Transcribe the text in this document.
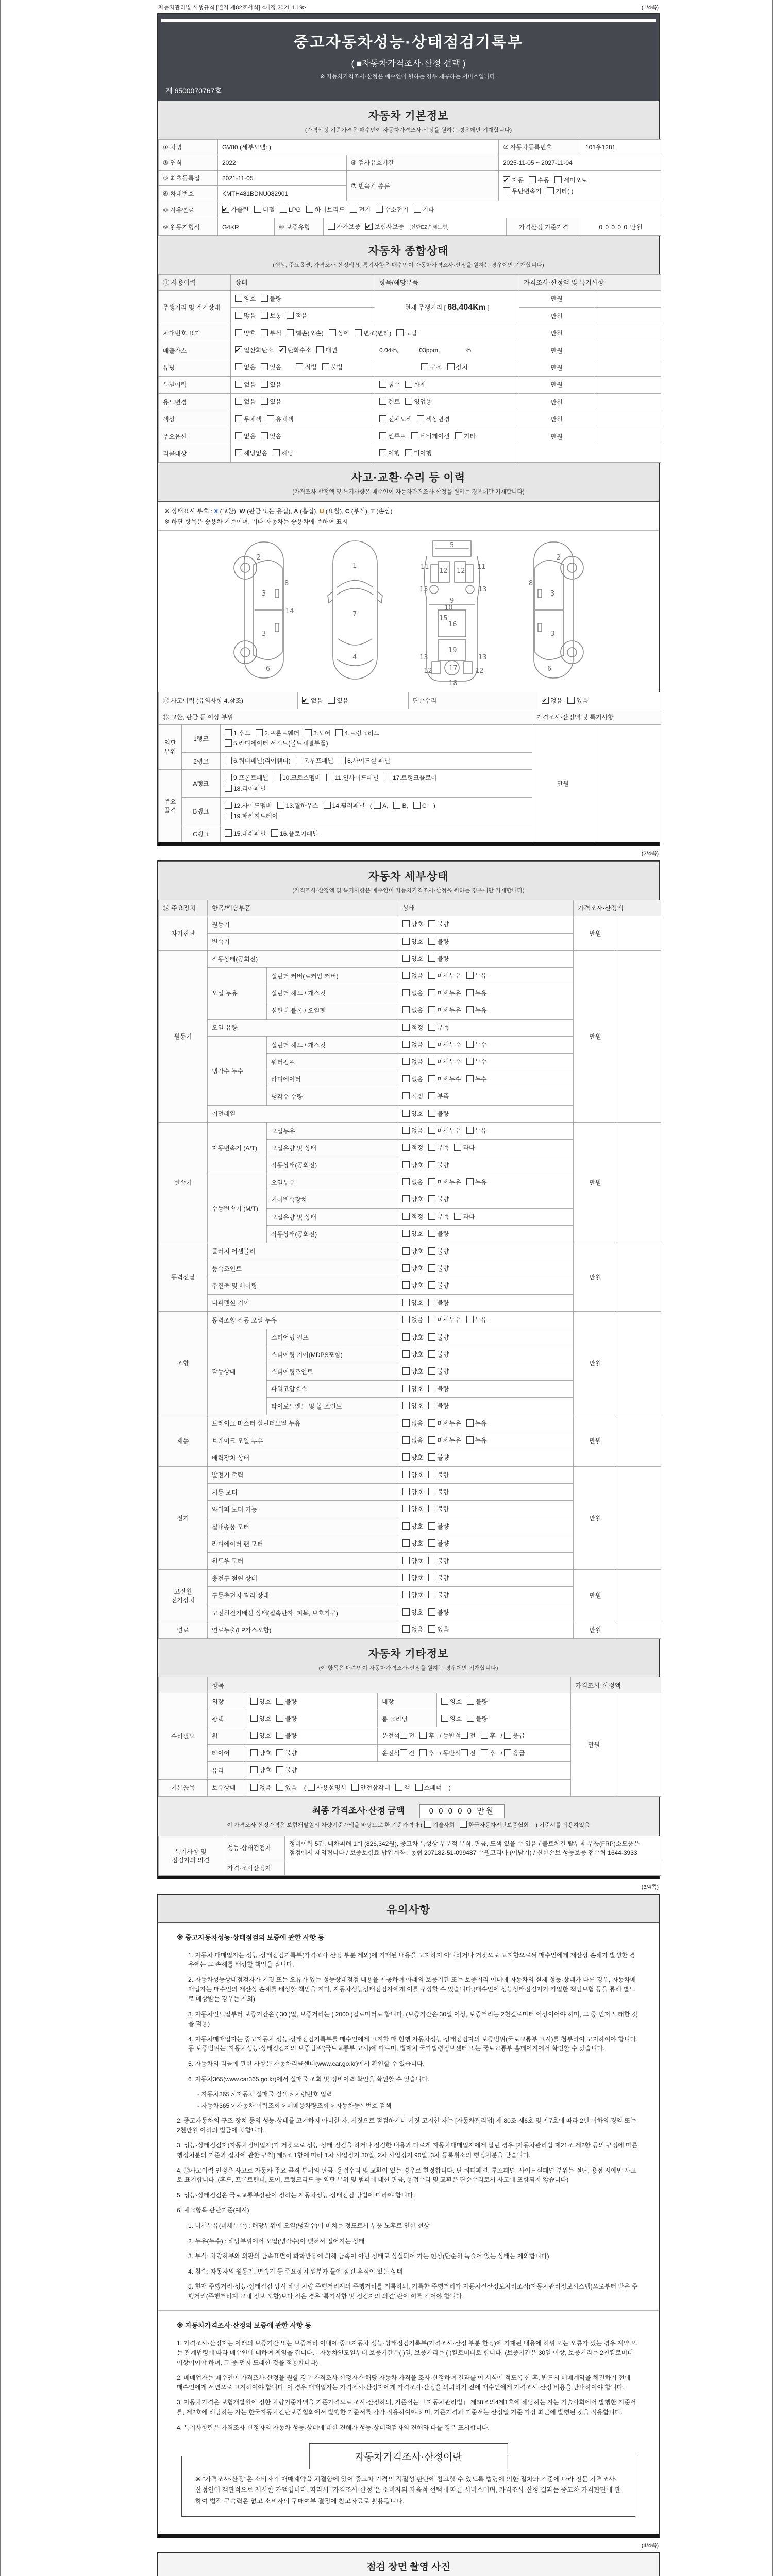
자동차관리법 시행규칙 [별지 제82호서식] <개정 2021.1.19>	(1/4쪽)
중고자동차성능·상태점검기록부
( ■자동차가격조사·산정 선택 )
※ 자동차가격조사·산정은 매수인이 원하는 경우 제공하는 서비스입니다.
제 6500070767호
자동차 기본정보
(가격산정 기준가격은 매수인이 자동차가격조사·산정을 원하는 경우에만 기재합니다)
① 차명	GV80 (세부모델: )	② 자동차등록번호	101우1281
③ 연식	2022	④ 검사유효기간	2025-11-05 ~ 2027-11-04
⑤ 최초등록일	2021-11-05	⑦ 변속기 종류	✔자동 수동 세미오토
무단변속기 기타( )
⑥ 차대번호	KMTH481BDNU082901		
⑧ 사용연료	✔가솔린 디젤 LPG 하이브리드 전기 수소전기 기타
⑨ 원동기형식	G4KR	⑩ 보증유형	자가보증 ✔ 보험사보증 [신한EZ손해보험]	가격산정 기준가격	0 0 0 0 0 만원
자동차 종합상태
(색상, 주요옵션, 가격조사·산정액 및 특기사항은 매수인이 자동차가격조사·산정을 원하는 경우에만 기재합니다)
⑪ 사용이력	상태	항목/해당부품	가격조사·산정액 및 특기사항	
주행거리 및 계기상태	양호 불량	현재 주행거리 [ 68,404Km ]	만원	
	많음 보통 적음		만원	
차대번호 표기	양호 부식 훼손(오손) 상이 변조(변타) 도말		만원	
배출가스	✔일산화탄소 ✔ 탄화수소 매연	0.04%, 03ppm, %	만원	
튜닝	없음 있음 적법 불법	구조 장치	만원	
특별이력	없음 있음	침수 화재	만원	
용도변경	없음 있음	렌트 영업용	만원	
색상	무채색 유채색	전체도색 색상변경	만원	
주요옵션	없음 있음	썬루프 네비게이션 기타	만원	
리콜대상	해당없음 해당	이행 미이행		
사고·교환·수리 등 이력
(가격조사·산정액 및 특기사항은 매수인이 자동차가격조사·산정을 원하는 경우에만 기재합니다)
※ 상태표시 부호 : X (교환), W (판금 또는 용접), A (흠집), U (요철), C (부식), T (손상)
※ 하단 항목은 승용차 기준이며, 기타 자동차는 승용차에 준하여 표시
2
8
3
14
3
6
1
7
4
5
11	11
13
12 12
13
9
10
15
16
19
13	13
12 17	12
18
2
8
3
3
6
⑫ 사고이력 (유의사항 4.참조)	✔없음 있음	단순수리	✔없음 있음
⑬ 교환, 판금 등 이상 부위	가격조사·산정액 및 특기사항
외판 부위	1랭크	1.후드 2.프론트휀더 3.도어 4.트렁크리드
5.라디에이터 서포트(볼트체결부품)	만원	
	2랭크	6.쿼터패널(리어휀더) 7.루프패널 8.사이드실 패널		
주요 골격	A랭크	9.프론트패널 10.크로스멤버 11.인사이드패널 17.트렁크플로어
18.리어패널		
	B랭크	12.사이드멤버 13.휠하우스 14.필러패널 ( A, B, C )
19.패키지트레이		
	C랭크	15.대쉬패널 16.플로어패널		
(2/4쪽)
자동차 세부상태
(가격조사·산정액 및 특기사항은 매수인이 자동차가격조사·산정을 원하는 경우에만 기재합니다)
⑭ 주요장치	항목/해당부품		상태	가격조사·산정액	
자기진단	원동기		양호 불량	만원	
	변속기		양호 불량		
원동기	작동상태(공회전)		양호 불량	만원	
	오일 누유	실린더 커버(로커암 커버)	없음 미세누유 누유		
		실린더 헤드 / 개스킷	없음 미세누유 누유		
		실린더 블록 / 오일팬	없음 미세누유 누유		
	오일 유량		적정 부족		
	냉각수 누수	실린더 헤드 / 개스킷	없음 미세누수 누수		
		워터펌프	없음 미세누수 누수		
		라디에이터	없음 미세누수 누수		
		냉각수 수량	적정 부족		
	커먼레일		양호 불량		
변속기	자동변속기 (A/T)	오일누유	없음 미세누유 누유	만원	
		오일유량 및 상태	적정 부족 과다		
		작동상태(공회전)	양호 불량		
	수동변속기 (M/T)	오일누유	없음 미세누유 누유		
		기어변속장치	양호 불량		
		오일유량 및 상태	적정 부족 과다		
		작동상태(공회전)	양호 불량		
동력전달	클러치 어셈블리		양호 불량	만원	
	등속조인트		양호 불량		
	추진축 및 베어링		양호 불량		
	디퍼렌셜 기어		양호 불량		
조향	동력조향 작동 오일 누유		없음 미세누유 누유	만원	
	작동상태	스티어링 펌프	양호 불량		
		스티어링 기어(MDPS포함)	양호 불량		
		스티어링조인트	양호 불량		
		파워고압호스	양호 불량		
		타이로드엔드 및 볼 조인트	양호 불량		
제동	브레이크 마스터 실린더오일 누유		없음 미세누유 누유	만원	
	브레이크 오일 누유		없음 미세누유 누유		
	배력장치 상태		양호 불량		
전기	발전기 출력		양호 불량	만원	
	시동 모터		양호 불량		
	와이퍼 모터 기능		양호 불량		
	실내송풍 모터		양호 불량		
	라디에이터 팬 모터		양호 불량		
	윈도우 모터		양호 불량		
고전원 전기장치	충전구 절연 상태		양호 불량	만원	
	구동축전지 격리 상태		양호 불량		
	고전원전기배선 상태(접속단자, 피복, 보호기구)		양호 불량		
연료	연료누출(LP가스포함)		없음 있음	만원	
자동차 기타정보
(이 항목은 매수인이 자동차가격조사·산정을 원하는 경우에만 기재합니다)
	항목				가격조사·산정액	
수리필요	외장	양호 불량	내장	양호 불량	만원	
	광택	양호 불량	룸 크리닝	양호 불량		
	휠	양호 불량	운전석 전 후 / 동반석 전 후 / 응급			
	타이어	양호 불량	운전석 전 후 / 동반석 전 후 / 응급			
	유리	양호 불량				
기본품목	보유상태	없음 있음 ( 사용설명서 안전삼각대 잭 스패너 )				
최종 가격조사·산정 금액	0 0 0 0 0 만원
이 가격조사·산정가격은 보험개발원의 차량기준가액을 바탕으로 한 기준가격과 ( 기술사회 한국자동차진단보증협회 ) 기준서를 적용하였음
특기사항 및 점검자의 의견	성능·상태점검자	정비이력 5건, 내차피해 1회 (826,342원), 중고차 특성상 부분적 부식, 판금, 도색 있을 수 있음 / 볼트체결 탈부착 부품(FRP)소모품은 점검에서 제외됩니다 / 보증보험료 납입계좌 : 농협 207182-51-099487 수원코리아 (이남기) / 신한손보 성능보증 접수처 1644-3933
	가격·조사산정자	
(3/4쪽)
유의사항
※ 중고자동차성능·상태점검의 보증에 관한 사항 등
1. 자동차 매매업자는 성능·상태점검기록부(가격조사·산정 부분 제외)에 기재된 내용을 고지하지 아니하거나 거짓으로 고지함으로써 매수인에게 재산상 손해가 발생한 경우에는 그 손해를 배상할 책임을 집니다.
2. 자동차성능상태점검자가 거짓 또는 오류가 있는 성능상태점검 내용을 제공하여 아래의 보증기간 또는 보증거리 이내에 자동차의 실제 성능·상태가 다른 경우, 자동차매매업자는 매수인의 재산상 손해를 배상할 책임을 지며, 자동차성능상태점검자에게 이를 구상할 수 있습니다.(매수인이 성능상태점검자가 가입한 책임보험 등을 통해 별도로 배상받는 경우는 제외)
3. 자동차인도일부터 보증기간은 ( 30 )일, 보증거리는 ( 2000 )킬로미터로 합니다. (보증기간은 30일 이상, 보증거리는 2천킬로미터 이상이어야 하며, 그 중 먼저 도래한 것을 적용)
4. 자동차매매업자는 중고자동차 성능·상태점검기록부를 매수인에게 고지할 때 현행 자동차성능·상태점검자의 보증범위(국토교통부 고시)를 첨부하여 고지하여야 합니다. 동 보증범위는 '자동차성능·상태점검자의 보증범위'(국토교통부 고시)에 따르며, 법제처 국가법령정보센터 또는 국토교통부 홈페이지에서 확인할 수 있습니다.
5. 자동차의 리콜에 관한 사항은 자동차리콜센터(www.car.go.kr)에서 확인할 수 있습니다.
6. 자동차365(www.car365.go.kr)에서 실매물 조회 및 정비이력 확인을 확인할 수 있습니다.
- 자동차365 > 자동차 실매물 검색 > 차량번호 입력
- 자동차365 > 자동차 이력조회 > 매매용차량조회 > 자동차등록번호 검색
2. 중고자동차의 구조·장치 등의 성능·상태를 고지하지 아니한 자, 거짓으로 점검하거나 거짓 고지한 자는 [자동차관리법] 제 80조 제6호 및 제7호에 따라 2년 이하의 징역 또는 2천만원 이하의 벌금에 처합니다.
3. 성능·상태점검자(자동차정비업자)가 거짓으로 성능·상태 점검을 하거나 점검한 내용과 다르게 자동차매매업자에게 알린 경우 [자동차관리법 제21조 제2항 등의 규정에 따른 행정처분의 기준과 절차에 관한 규칙] 제5조 1항에 따라 1차 사업정지 30일, 2차 사업정지 90일, 3차 등록취소의 행정처분을 받습니다.
4. ⑫사고이력 인정은 사고로 자동차 주요 골격 부위의 판금, 용접수리 및 교환이 있는 경우로 한정합니다. 단 쿼터패널, 루프패널, 사이드실패널 부위는 절단, 용접 시에만 사고로 표기합니다. (후드, 프론트펜더, 도어, 트렁크리드 등 외판 부위 및 범퍼에 대한 판금, 용접수리 및 교환은 단순수리로서 사고에 포함되지 않습니다)
5. 성능·상태점검은 국토교통부장관이 정하는 자동차성능·상태점검 방법에 따라야 합니다.
6. 체크항목 판단기준(예시)
1. 미세누유(미세누수) : 해당부위에 오일(냉각수)이 비치는 정도로서 부품 노후로 인한 현상
2. 누유(누수) : 해당부위에서 오일(냉각수)이 맺혀서 떨어지는 상태
3. 부식: 차량하부와 외판의 금속표면이 화학반응에 의해 금속이 아닌 상태로 상실되어 가는 현상(단순히 녹슬어 있는 상태는 제외합니다)
4. 침수: 자동차의 원동기, 변속기 등 주요장치 일부가 물에 잠긴 흔적이 있는 상태
5. 현재 주행거리·성능·상태점검 당시 해당 차량 주행거리계의 주행거리를 기록하되, 기록한 주행거리가 자동차전산정보처리조직(자동차관리정보시스템)으로부터 받은 주행거리(주행거리계 교체 정보 포함)보다 적은 경우 '특기사항 및 점검자의 의견' 란에 이를 적어야 합니다.
※ 자동차가격조사·산정의 보증에 관한 사항 등
1. 가격조사·산정자는 아래의 보증기간 또는 보증거리 이내에 중고자동차 성능·상태점검기록부(가격조사·산정 부분 한정)에 기재된 내용에 허위 또는 오류가 있는 경우 계약 또는 관계법령에 따라 매수인에 대하여 책임을 집니다. · 자동차인도일부터 보증기간은( )일, 보증거리는 ( )킬로미터로 합니다. (보증기간은 30일 이상, 보증거리는 2천킬로미터 이상이어야 하며, 그 중 먼저 도래한 것을 적용합니다)
2. 매매업자는 매수인이 가격조사·산정을 원할 경우 가격조사·산정자가 해당 자동차 가격을 조사·산정하여 결과를 이 서식에 적도록 한 후, 반드시 매매계약을 체결하기 전에 매수인에게 서면으로 고지하여야 합니다. 이 경우 매매업자는 가격조사·산정자에게 가격조사·산정을 의뢰하기 전에 매수인에게 가격조사·산정 비용을 안내하여야 합니다.
3. 자동차가격은 보험개발원이 정한 차량기준가액을 기준가격으로 조사·산정하되, 기준서는 「자동차관리법」 제58조의4제1호에 해당하는 자는 기술사회에서 발행한 기준서를, 제2호에 해당하는 자는 한국자동차진단보증협회에서 발행한 기준서를 각각 적용하여야 하며, 기준가격과 기준서는 산정일 기준 가장 최근에 발행된 것을 적용합니다.
4. 특기사항란은 가격조사·산정자의 자동차 성능·상태에 대한 견해가 성능·상태점검자의 견해와 다를 경우 표시합니다.
자동차가격조사·산정이란
※ "가격조사·산정"은 소비자가 매매계약을 체결함에 있어 중고차 가격의 적절성 판단에 참고할 수 있도록 법령에 의한 절차와 기준에 따라 전문 가격조사·산정인이 객관적으로 제시한 가액입니다. 따라서 "가격조사·산정"은 소비자의 자율적 선택에 따른 서비스이며, 가격조사·산정 결과는 중고차 가격판단에 관하여 법적 구속력은 없고 소비자의 구매여부 결정에 참고자료로 활용됩니다.
(4/4쪽)
점검 장면 촬영 사진
